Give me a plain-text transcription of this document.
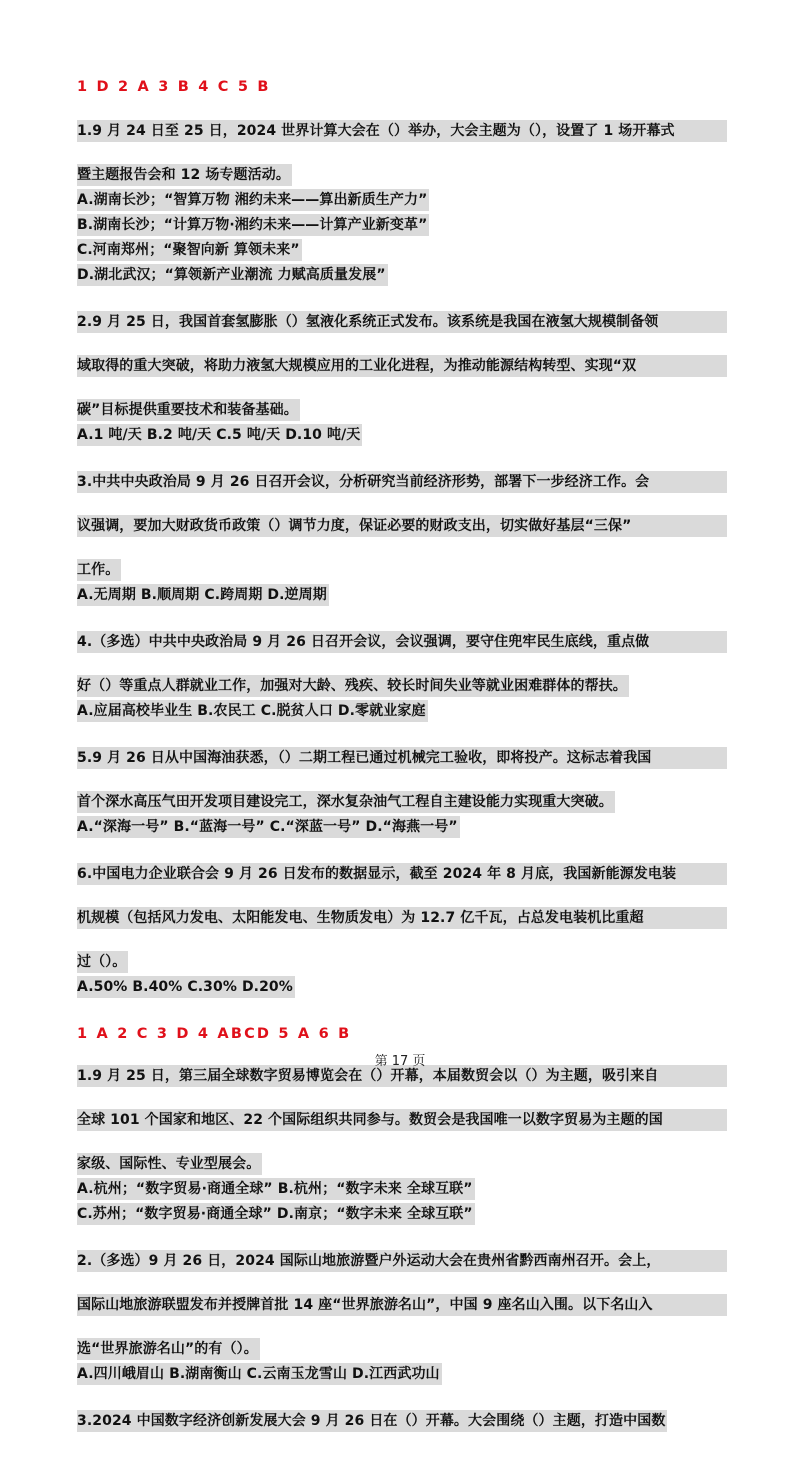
1 D 2 A 3 B 4 C 5 B
1.9 月 24 日至 25 日，2024 世界计算大会在（）举办，大会主题为（），设置了 1 场开幕式

暨主题报告会和 12 场专题活动。
A.湖南长沙；“智算万物 湘约未来——算出新质生产力”
B.湖南长沙；“计算万物·湘约未来——计算产业新变革”
C.河南郑州；“聚智向新 算领未来”
D.湖北武汉；“算领新产业潮流 力赋高质量发展”

2.9 月 25 日，我国首套氢膨胀（）氢液化系统正式发布。该系统是我国在液氢大规模制备领

域取得的重大突破，将助力液氢大规模应用的工业化进程，为推动能源结构转型、实现“双

碳”目标提供重要技术和装备基础。
A.1 吨/天 B.2 吨/天 C.5 吨/天 D.10 吨/天

3.中共中央政治局 9 月 26 日召开会议，分析研究当前经济形势，部署下一步经济工作。会

议强调，要加大财政货币政策（）调节力度，保证必要的财政支出，切实做好基层“三保”

工作。
A.无周期 B.顺周期 C.跨周期 D.逆周期

4.（多选）中共中央政治局 9 月 26 日召开会议，会议强调，要守住兜牢民生底线，重点做

好（）等重点人群就业工作，加强对大龄、残疾、较长时间失业等就业困难群体的帮扶。
A.应届高校毕业生 B.农民工 C.脱贫人口 D.零就业家庭

5.9 月 26 日从中国海油获悉，（）二期工程已通过机械完工验收，即将投产。这标志着我国

首个深水高压气田开发项目建设完工，深水复杂油气工程自主建设能力实现重大突破。
A.“深海一号” B.“蓝海一号” C.“深蓝一号” D.“海燕一号”

6.中国电力企业联合会 9 月 26 日发布的数据显示，截至 2024 年 8 月底，我国新能源发电装

机规模（包括风力发电、太阳能发电、生物质发电）为 12.7 亿千瓦，占总发电装机比重超

过（）。
A.50% B.40% C.30% D.20%

1 A 2 C 3 D 4 ABCD 5 A 6 B
1.9 月 25 日，第三届全球数字贸易博览会在（）开幕，本届数贸会以（）为主题，吸引来自

全球 101 个国家和地区、22 个国际组织共同参与。数贸会是我国唯一以数字贸易为主题的国

家级、国际性、专业型展会。
A.杭州；“数字贸易·商通全球” B.杭州；“数字未来 全球互联”
C.苏州；“数字贸易·商通全球” D.南京；“数字未来 全球互联”

2.（多选）9 月 26 日，2024 国际山地旅游暨户外运动大会在贵州省黔西南州召开。会上，

国际山地旅游联盟发布并授牌首批 14 座“世界旅游名山”，中国 9 座名山入围。以下名山入

选“世界旅游名山”的有（）。
A.四川峨眉山 B.湖南衡山 C.云南玉龙雪山 D.江西武功山

3.2024 中国数字经济创新发展大会 9 月 26 日在（）开幕。大会围绕（）主题，打造中国数

第 17 页
